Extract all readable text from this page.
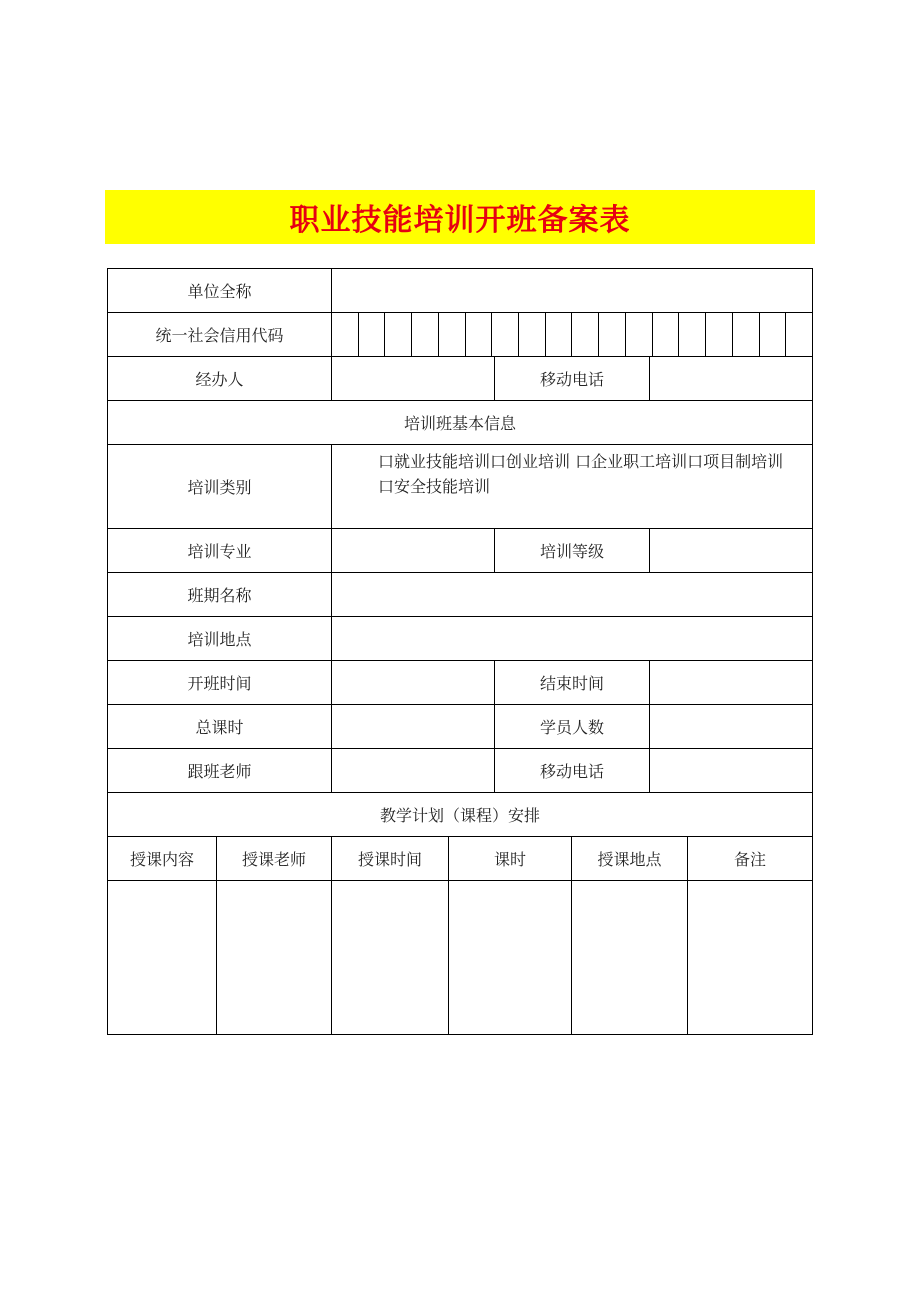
职业技能培训开班备案表
单位全称
统一社会信用代码
经办人	移动电话
培训班基本信息
培训类别
口就业技能培训口创业培训 口企业职工培训口项目制培训
口安全技能培训
培训专业	培训等级
班期名称
培训地点
开班时间	结束时间
总课时	学员人数
跟班老师	移动电话
教学计划（课程）安排
授课内容	授课老师	授课时间	课时	授课地点	备注
